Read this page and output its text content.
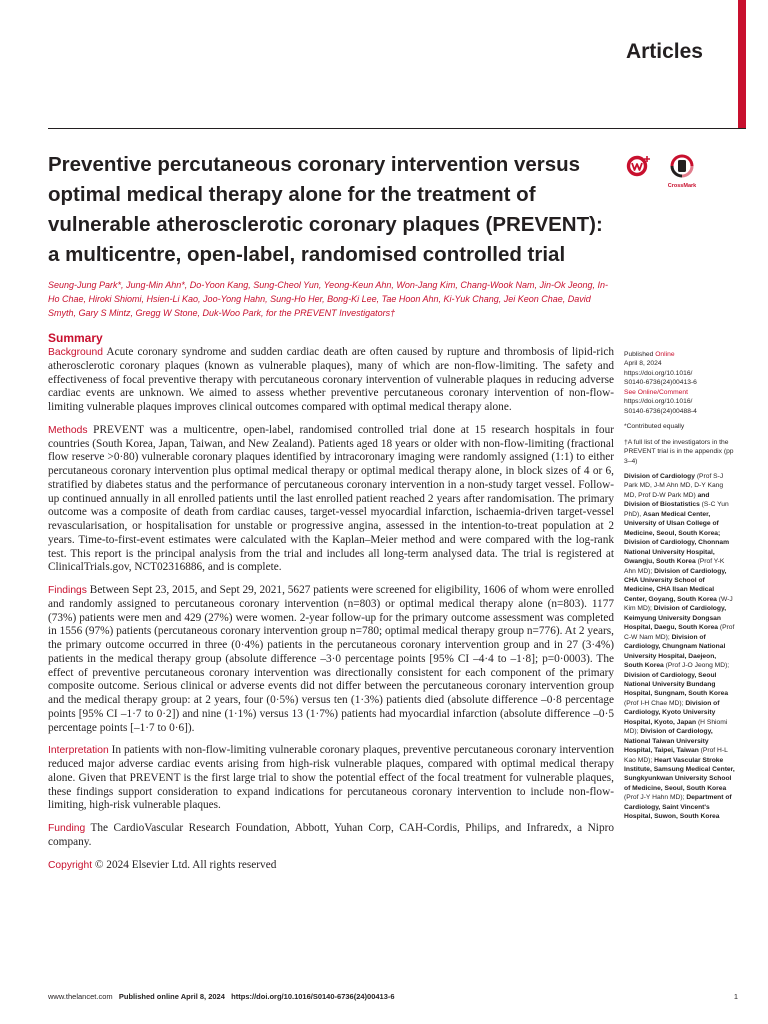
Articles
Preventive percutaneous coronary intervention versus optimal medical therapy alone for the treatment of vulnerable atherosclerotic coronary plaques (PREVENT): a multicentre, open-label, randomised controlled trial
CrossMark

Seung-Jung Park*, Jung-Min Ahn*, Do-Yoon Kang, Sung-Cheol Yun, Yeong-Keun Ahn, Won-Jang Kim, Chang-Wook Nam, Jin-Ok Jeong, In-Ho Chae, Hiroki Shiomi, Hsien-Li Kao, Joo-Yong Hahn, Sung-Ho Her, Bong-Ki Lee, Tae Hoon Ahn, Ki-Yuk Chang, Jei Keon Chae, David Smyth, Gary S Mintz, Gregg W Stone, Duk-Woo Park, for the PREVENT Investigators†

Summary

Background Acute coronary syndrome and sudden cardiac death are often caused by rupture and thrombosis of lipid-rich atherosclerotic coronary plaques (known as vulnerable plaques), many of which are non-flow-limiting. The safety and effectiveness of focal preventive therapy with percutaneous coronary intervention of vulnerable plaques in reducing adverse cardiac events are unknown. We aimed to assess whether preventive percutaneous coronary intervention of non-flow-limiting vulnerable plaques improves clinical outcomes compared with optimal medical therapy alone.

Methods PREVENT was a multicentre, open-label, randomised controlled trial done at 15 research hospitals in four countries (South Korea, Japan, Taiwan, and New Zealand). Patients aged 18 years or older with non-flow-limiting (fractional flow reserve >0·80) vulnerable coronary plaques identified by intracoronary imaging were randomly assigned (1:1) to either percutaneous coronary intervention plus optimal medical therapy or optimal medical therapy alone, in block sizes of 4 or 6, stratified by diabetes status and the performance of percutaneous coronary intervention in a non-study target vessel. Follow-up continued annually in all enrolled patients until the last enrolled patient reached 2 years after randomisation. The primary outcome was a composite of death from cardiac causes, target-vessel myocardial infarction, ischaemia-driven target-vessel revascularisation, or hospitalisation for unstable or progressive angina, assessed in the intention-to-treat population at 2 years. Time-to-first-event estimates were calculated with the Kaplan–Meier method and were compared with the log-rank test. This report is the principal analysis from the trial and includes all long-term analysed data. The trial is registered at ClinicalTrials.gov, NCT02316886, and is complete.

Findings Between Sept 23, 2015, and Sept 29, 2021, 5627 patients were screened for eligibility, 1606 of whom were enrolled and randomly assigned to percutaneous coronary intervention (n=803) or optimal medical therapy alone (n=803). 1177 (73%) patients were men and 429 (27%) were women. 2-year follow-up for the primary outcome assessment was completed in 1556 (97%) patients (percutaneous coronary intervention group n=780; optimal medical therapy group n=776). At 2 years, the primary outcome occurred in three (0·4%) patients in the percutaneous coronary intervention group and in 27 (3·4%) patients in the medical therapy group (absolute difference –3·0 percentage points [95% CI –4·4 to –1·8]; p=0·0003). The effect of preventive percutaneous coronary intervention was directionally consistent for each component of the primary composite outcome. Serious clinical or adverse events did not differ between the percutaneous coronary intervention group and the medical therapy group: at 2 years, four (0·5%) versus ten (1·3%) patients died (absolute difference –0·8 percentage points [95% CI –1·7 to 0·2]) and nine (1·1%) versus 13 (1·7%) patients had myocardial infarction (absolute difference –0·5 percentage points [–1·7 to 0·6]).

Interpretation In patients with non-flow-limiting vulnerable coronary plaques, preventive percutaneous coronary intervention reduced major adverse cardiac events arising from high-risk vulnerable plaques, compared with optimal medical therapy alone. Given that PREVENT is the first large trial to show the potential effect of the focal treatment for vulnerable plaques, these findings support consideration to expand indications for percutaneous coronary intervention to include non-flow-limiting, high-risk vulnerable plaques.

Funding The CardioVascular Research Foundation, Abbott, Yuhan Corp, CAH-Cordis, Philips, and Infraredx, a Nipro company.

Copyright © 2024 Elsevier Ltd. All rights reserved

Published Online

April 8, 2024

https://doi.org/10.1016/

S0140-6736(24)00413-6

See Online/Comment

https://doi.org/10.1016/

S0140-6736(24)00488-4

*Contributed equally

†A full list of the investigators in the PREVENT trial is in the appendix (pp 3–4)

Division of Cardiology (Prof S-J Park MD, J-M Ahn MD, D-Y Kang MD, Prof D-W Park MD) and Division of Biostatistics (S-C Yun PhD), Asan Medical Center, University of Ulsan College of Medicine, Seoul, South Korea; Division of Cardiology, Chonnam National University Hospital, Gwangju, South Korea (Prof Y-K Ahn MD); Division of Cardiology, CHA University School of Medicine, CHA Ilsan Medical Center, Goyang, South Korea (W-J Kim MD); Division of Cardiology, Keimyung University Dongsan Hospital, Daegu, South Korea (Prof C-W Nam MD); Division of Cardiology, Chungnam National University Hospital, Daejeon, South Korea (Prof J-O Jeong MD); Division of Cardiology, Seoul National University Bundang Hospital, Sungnam, South Korea (Prof I-H Chae MD); Division of Cardiology, Kyoto University Hospital, Kyoto, Japan (H Shiomi MD); Division of Cardiology, National Taiwan University Hospital, Taipei, Taiwan (Prof H-L Kao MD); Heart Vascular Stroke Institute, Samsung Medical Center, Sungkyunkwan University School of Medicine, Seoul, South Korea (Prof J-Y Hahn MD); Department of Cardiology, Saint Vincent's Hospital, Suwon, South Korea

www.thelancet.com Published online April 8, 2024 https://doi.org/10.1016/S0140-6736(24)00413-6	1
